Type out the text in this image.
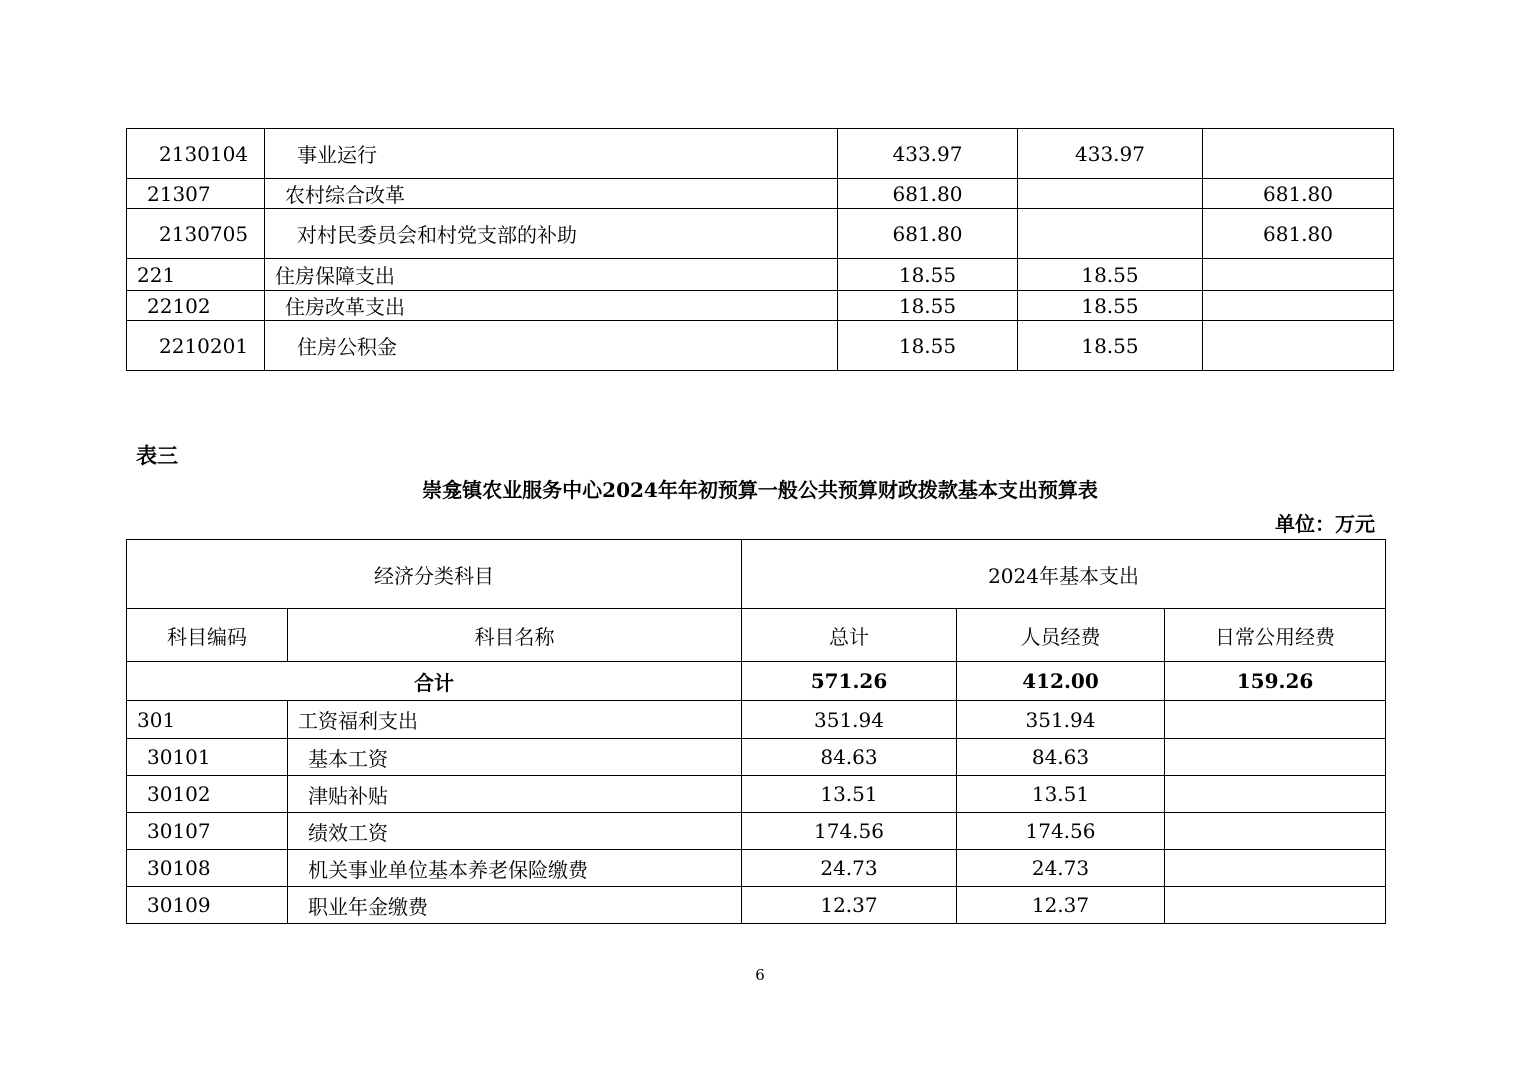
2130104	事业运行	433.97	433.97	
21307	农村综合改革	681.80		681.80
2130705	对村民委员会和村党支部的补助	681.80		681.80
221	住房保障支出	18.55	18.55	
22102	住房改革支出	18.55	18.55	
2210201	住房公积金	18.55	18.55	
表三
崇龛镇农业服务中心2024年年初预算一般公共预算财政拨款基本支出预算表
单位：万元
经济分类科目		2024年基本支出		
科目编码	科目名称	总计	人员经费	日常公用经费
合计		571.26	412.00	159.26
301	工资福利支出	351.94	351.94	
30101	基本工资	84.63	84.63	
30102	津贴补贴	13.51	13.51	
30107	绩效工资	174.56	174.56	
30108	机关事业单位基本养老保险缴费	24.73	24.73	
30109	职业年金缴费	12.37	12.37	
6
